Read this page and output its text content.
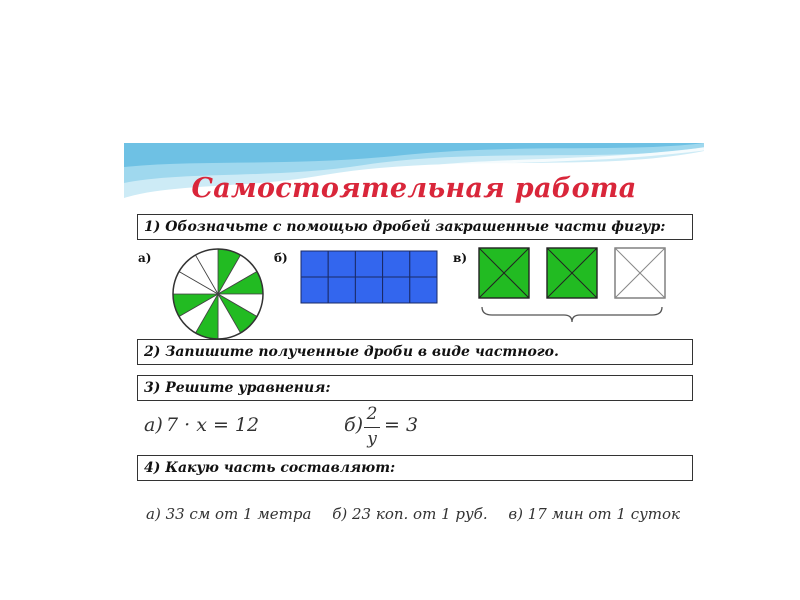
Самостоятельная работа
1) Обозначьте с помощью дробей закрашенные части фигур:
а)	б)	в)
2) Запишите полученные дроби в виде частного.
3) Решите уравнения:
а) 7 · x = 12	б) 2
y
= 3
4) Какую часть составляют:
а) 33 см от 1 метра б) 23 коп. от 1 руб. в) 17 мин от 1 суток
